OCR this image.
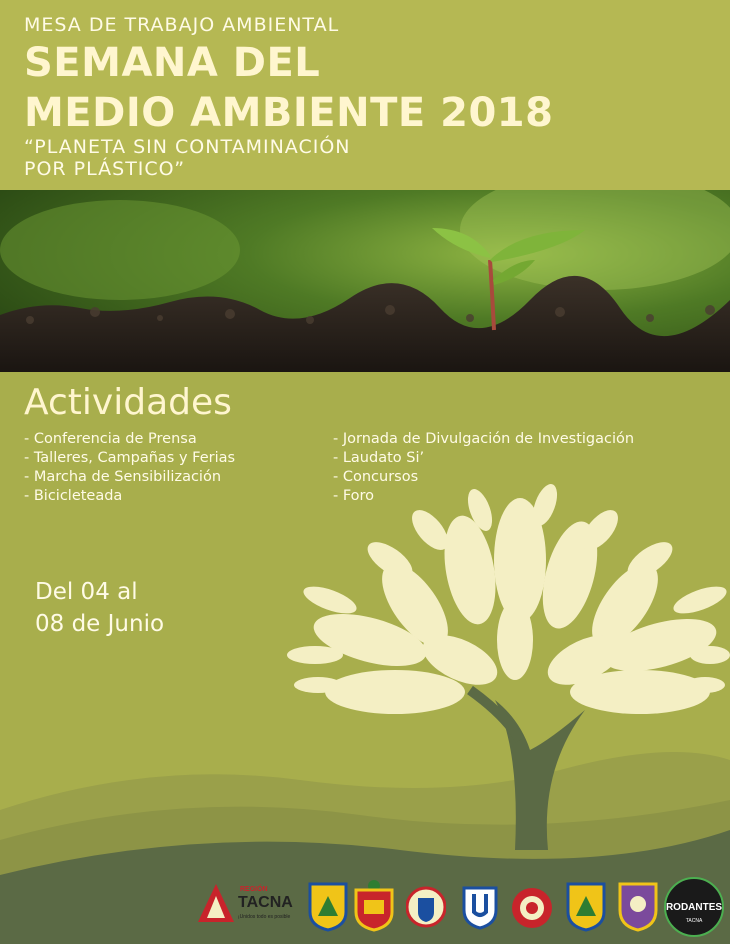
MESA DE TRABAJO AMBIENTAL
SEMANA DEL
MEDIO AMBIENTE 2018
“PLANETA SIN CONTAMINACIÓN
POR PLÁSTICO”
Actividades
- Conferencia de Prensa
- Talleres, Campañas y Ferias
- Marcha de Sensibilización
- Bicicleteada
- Jornada de Divulgación de Investigación
- Laudato Si’
- Concursos
- Foro
Del 04 al
08 de Junio
REGIÓN
TACNA
¡Unidos todo es posible
RODANTES
TACNA
